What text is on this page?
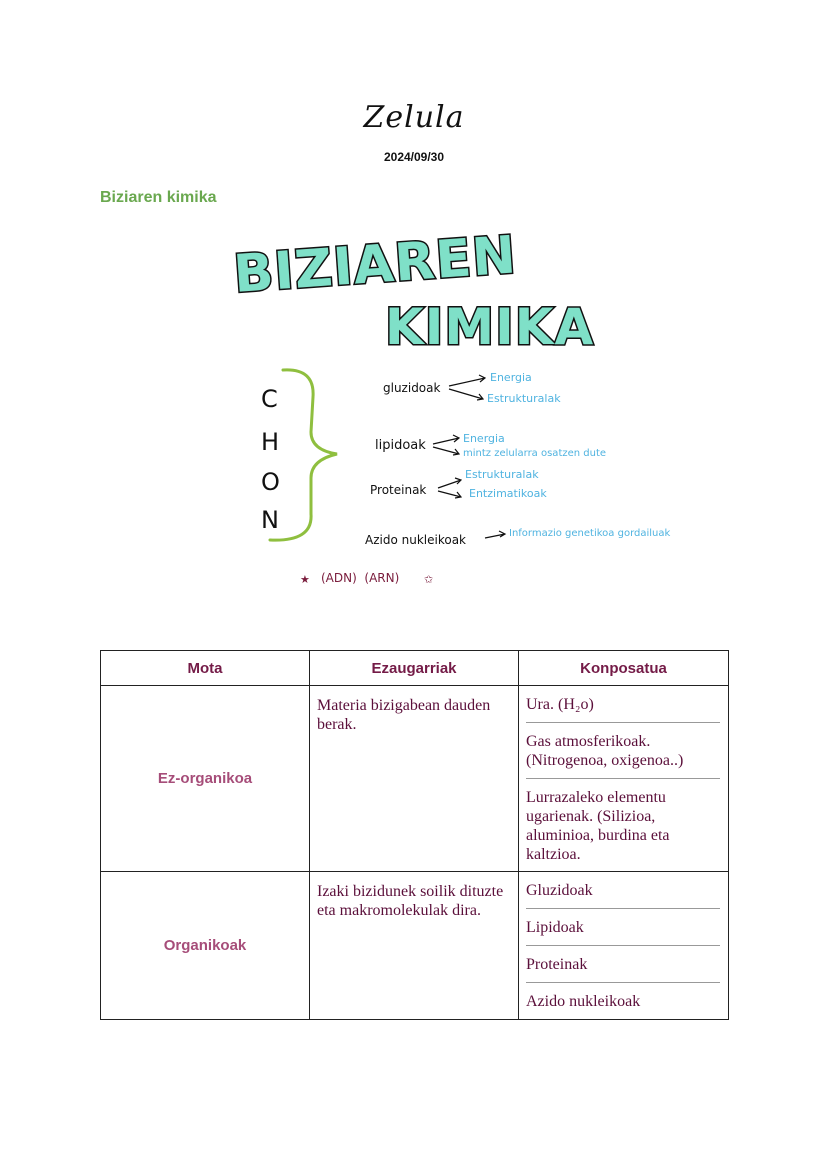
Zelula
2024/09/30
Biziaren kimika
BIZIAREN
KIMIKA
C
H
O
N
gluzidoak
Energia
Estrukturalak
lipidoak	Energia
mintz zelularra osatzen dute
Proteinak
Estrukturalak
Entzimatikoak
Azido nukleikoak	Informazio genetikoa gordailuak
★ (ADN)  (ARN) ✩
Mota	Ezaugarriak	Konposatua
Ez-organikoa	Materia bizigabean dauden berak.	Ura. (H₂o)
Gas atmosferikoak. (Nitrogenoa, oxigenoa..)
Lurrazaleko elementu ugarienak. (Silizioa, aluminioa, burdina eta kaltzioa.

Organikoak	Izaki bizidunek soilik dituzte eta makromolekulak dira.	Gluzidoak
Lipidoak
Proteinak
Azido nukleikoak
